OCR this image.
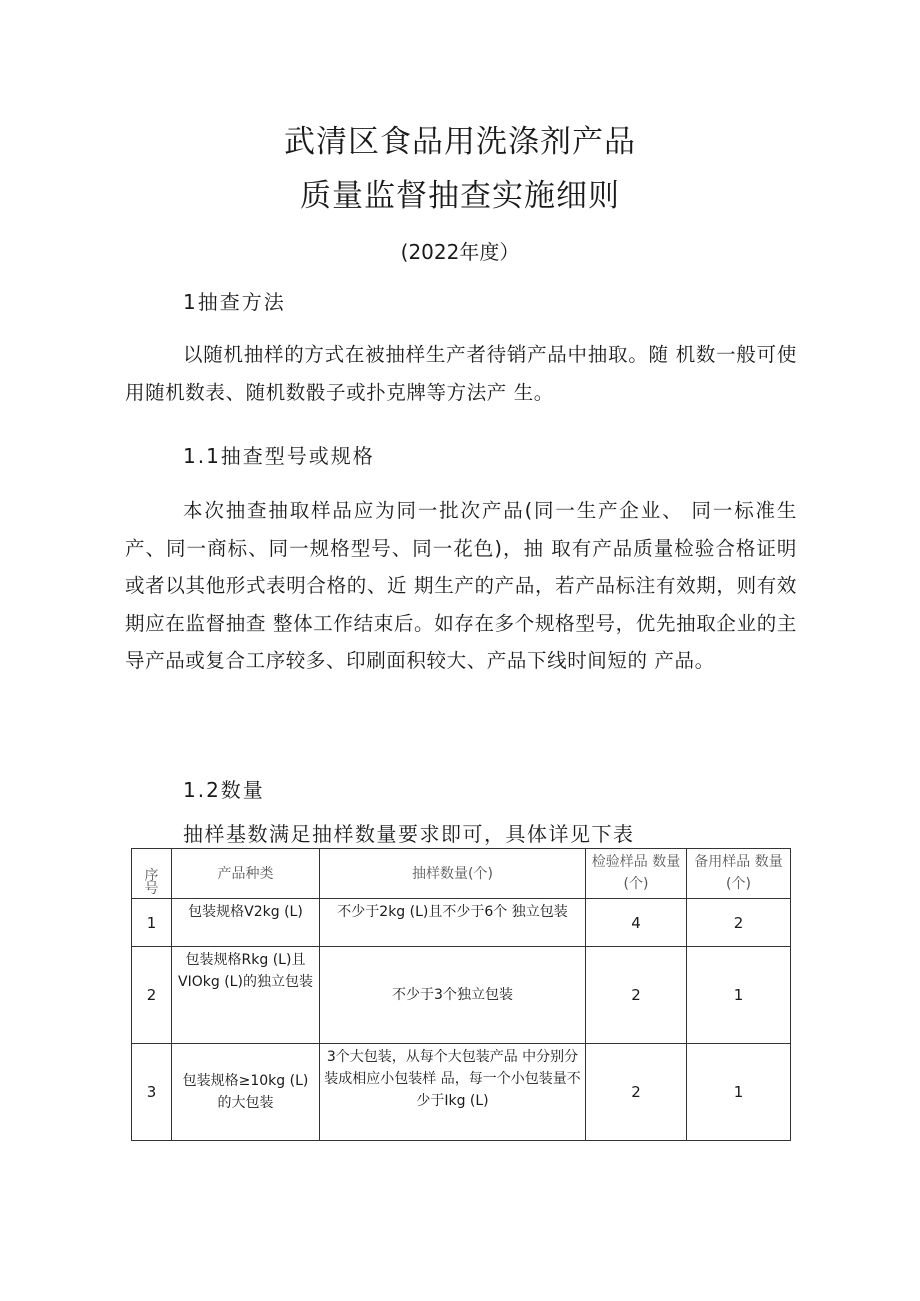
武清区食品用洗涤剂产品
质量监督抽查实施细则
(2022年度）
1抽查方法

以随机抽样的方式在被抽样生产者待销产品中抽取。随 机数一般可使用随机数表、随机数骰子或扑克牌等方法产 生。

1.1抽查型号或规格

本次抽查抽取样品应为同一批次产品(同一生产企业、 同一标准生产、同一商标、同一规格型号、同一花色)，抽 取有产品质量检验合格证明或者以其他形式表明合格的、近 期生产的产品，若产品标注有效期，则有效期应在监督抽查 整体工作结束后。如存在多个规格型号，优先抽取企业的主 导产品或复合工序较多、印刷面积较大、产品下线时间短的 产品。

1.2数量
抽样基数满足抽样数量要求即可，具体详见下表
序号	产品种类	抽样数量(个)	检验样品 数量(个)	备用样品 数量(个)
1	包装规格V2kg (L)	不少于2kg (L)且不少于6个 独立包装	4	2
2	包装规格Rkg (L)且VIOkg (L)的独立包装	不少于3个独立包装	2	1
3	包装规格≥10kg (L)的大包装	3个大包装，从每个大包装产品 中分别分装成相应小包装样 品，每一个小包装量不少于Ikg (L)	2	1
